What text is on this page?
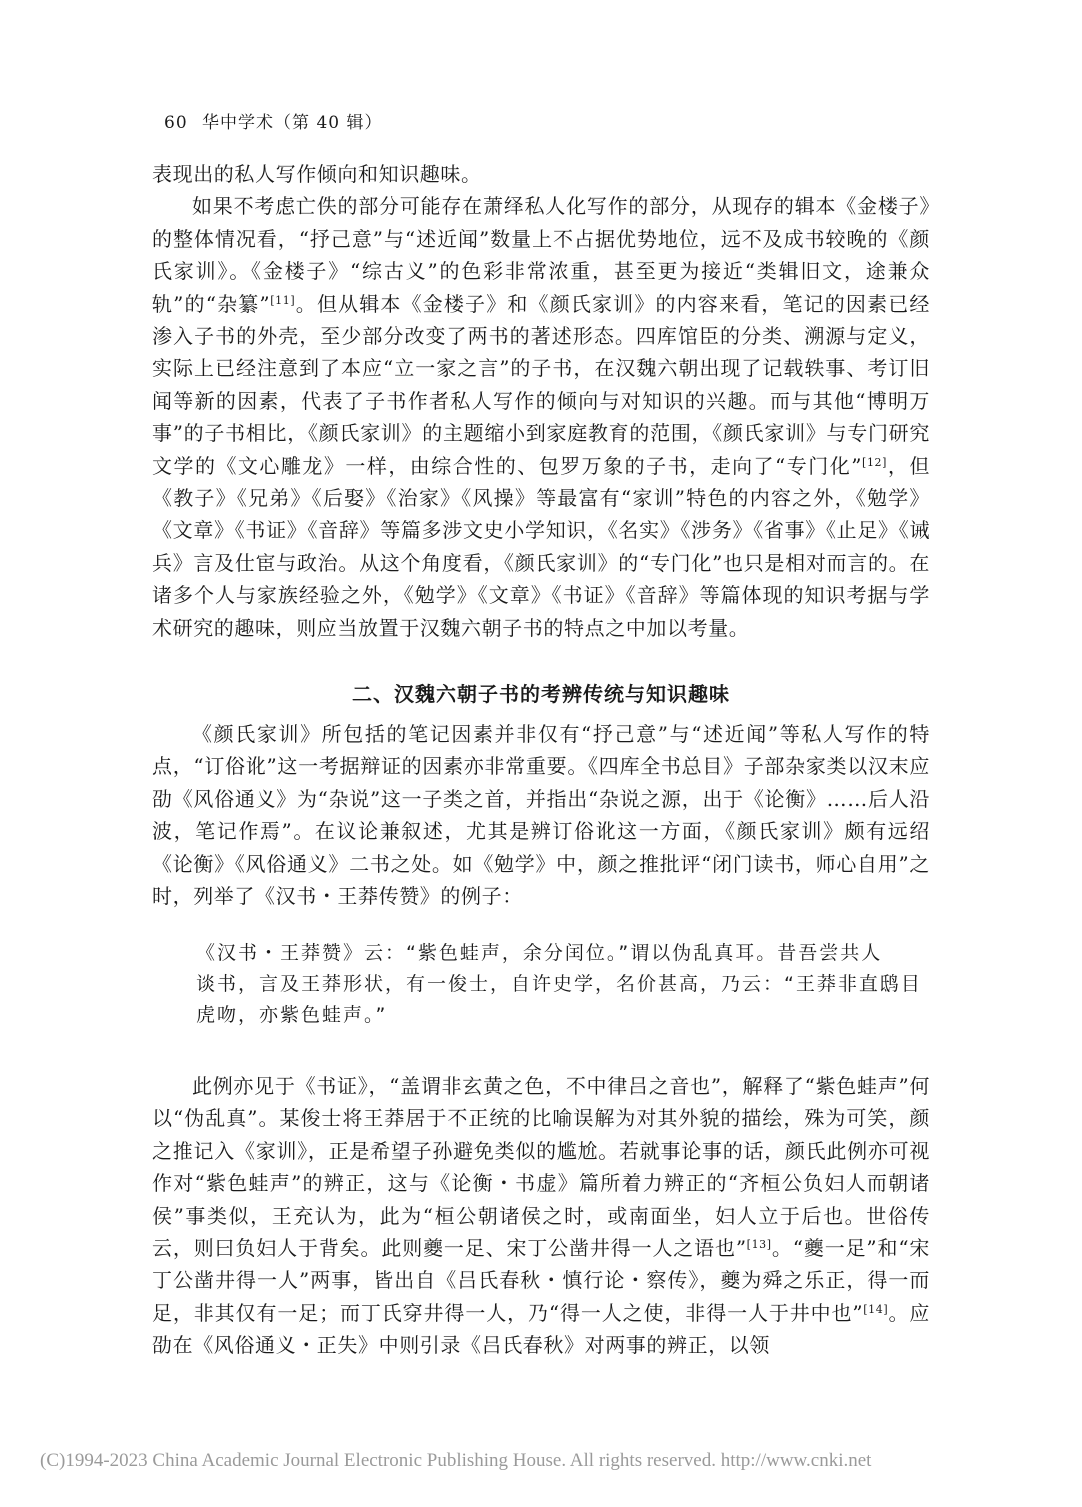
60 华中学术（第 40 辑）

表现出的私人写作倾向和知识趣味。

如果不考虑亡佚的部分可能存在萧绎私人化写作的部分，从现存的辑本《金楼子》的整体情况看，“抒己意”与“述近闻”数量上不占据优势地位，远不及成书较晚的《颜氏家训》。《金楼子》“综古义”的色彩非常浓重，甚至更为接近“类辑旧文，途兼众轨”的“杂纂”[11]。但从辑本《金楼子》和《颜氏家训》的内容来看，笔记的因素已经渗入子书的外壳，至少部分改变了两书的著述形态。四库馆臣的分类、溯源与定义，实际上已经注意到了本应“立一家之言”的子书，在汉魏六朝出现了记载轶事、考订旧闻等新的因素，代表了子书作者私人写作的倾向与对知识的兴趣。而与其他“博明万事”的子书相比，《颜氏家训》的主题缩小到家庭教育的范围，《颜氏家训》与专门研究文学的《文心雕龙》一样，由综合性的、包罗万象的子书，走向了“专门化”[12]，但《教子》《兄弟》《后娶》《治家》《风操》等最富有“家训”特色的内容之外，《勉学》《文章》《书证》《音辞》等篇多涉文史小学知识，《名实》《涉务》《省事》《止足》《诫兵》言及仕宦与政治。从这个角度看，《颜氏家训》的“专门化”也只是相对而言的。在诸多个人与家族经验之外，《勉学》《文章》《书证》《音辞》等篇体现的知识考据与学术研究的趣味，则应当放置于汉魏六朝子书的特点之中加以考量。

二、汉魏六朝子书的考辨传统与知识趣味

《颜氏家训》所包括的笔记因素并非仅有“抒己意”与“述近闻”等私人写作的特点，“订俗讹”这一考据辩证的因素亦非常重要。《四库全书总目》子部杂家类以汉末应劭《风俗通义》为“杂说”这一子类之首，并指出“杂说之源，出于《论衡》……后人沿波，笔记作焉”。在议论兼叙述，尤其是辨订俗讹这一方面，《颜氏家训》颇有远绍《论衡》《风俗通义》二书之处。如《勉学》中，颜之推批评“闭门读书，师心自用”之时，列举了《汉书・王莽传赞》的例子：

《汉书・王莽赞》云：“紫色蛙声，余分闰位。”谓以伪乱真耳。昔吾尝共人

谈书，言及王莽形状，有一俊士，自许史学，名价甚高，乃云：“王莽非直鸱目

虎吻，亦紫色蛙声。”

此例亦见于《书证》，“盖谓非玄黄之色，不中律吕之音也”，解释了“紫色蛙声”何以“伪乱真”。某俊士将王莽居于不正统的比喻误解为对其外貌的描绘，殊为可笑，颜之推记入《家训》，正是希望子孙避免类似的尴尬。若就事论事的话，颜氏此例亦可视作对“紫色蛙声”的辨正，这与《论衡・书虚》篇所着力辨正的“齐桓公负妇人而朝诸侯”事类似，王充认为，此为“桓公朝诸侯之时，或南面坐，妇人立于后也。世俗传云，则曰负妇人于背矣。此则夔一足、宋丁公凿井得一人之语也”[13]。“夔一足”和“宋丁公凿井得一人”两事，皆出自《吕氏春秋・慎行论・察传》，夔为舜之乐正，得一而足，非其仅有一足；而丁氏穿井得一人，乃“得一人之使，非得一人于井中也”[14]。应劭在《风俗通义・正失》中则引录《吕氏春秋》对两事的辨正，以领

(C)1994-2023 China Academic Journal Electronic Publishing House. All rights reserved. http://www.cnki.net
